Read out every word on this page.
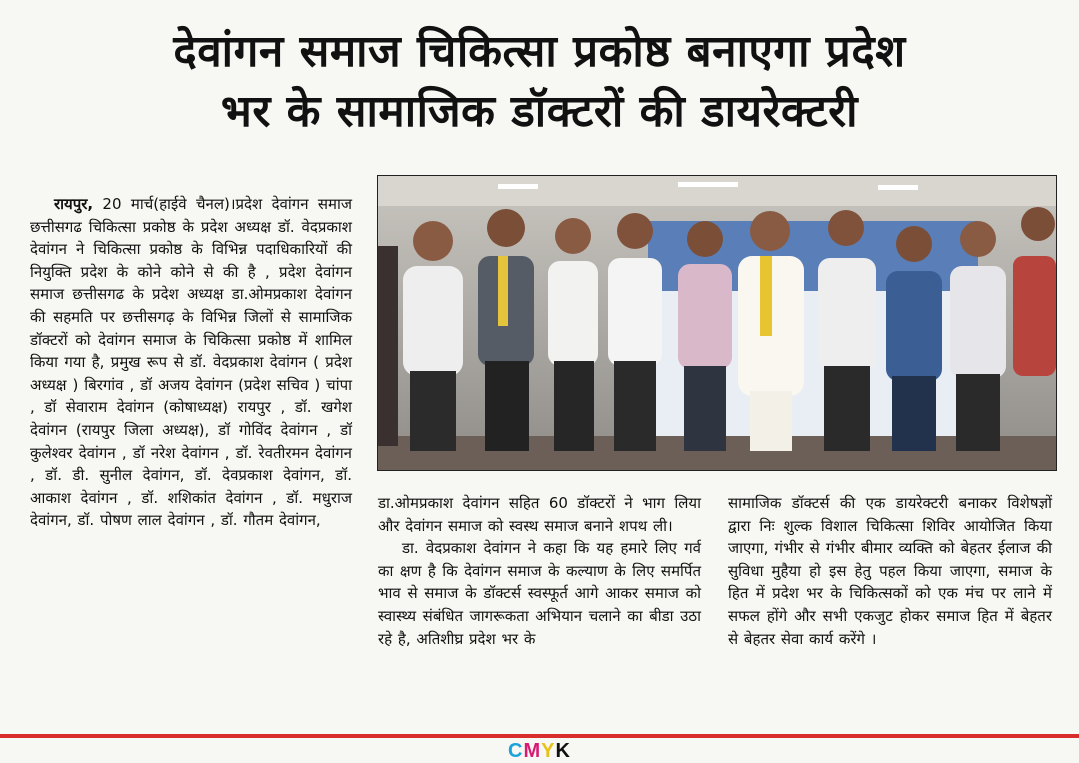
देवांगन समाज चिकित्सा प्रकोष्ठ बनाएगा प्रदेश
भर के सामाजिक डॉक्टरों की डायरेक्टरी

रायपुर, 20 मार्च(हाईवे चैनल)।प्रदेश देवांगन समाज छत्तीसगढ चिकित्सा प्रकोष्ठ के प्रदेश अध्यक्ष डॉ. वेदप्रकाश देवांगन ने चिकित्सा प्रकोष्ठ के विभिन्न पदाधिकारियों की नियुक्ति प्रदेश के कोने कोने से की है , प्रदेश देवांगन समाज छत्तीसगढ के प्रदेश अध्यक्ष डा.ओमप्रकाश देवांगन की सहमति पर छत्तीसगढ़ के विभिन्न जिलों से सामाजिक डॉक्टरों को देवांगन समाज के चिकित्सा प्रकोष्ठ में शामिल किया गया है, प्रमुख रूप से डॉ. वेदप्रकाश देवांगन ( प्रदेश अध्यक्ष ) बिरगांव , डॉ अजय देवांगन (प्रदेश सचिव ) चांपा , डॉ सेवाराम देवांगन (कोषाध्यक्ष) रायपुर , डॉ. खगेश देवांगन (रायपुर जिला अध्यक्ष), डॉ गोविंद देवांगन , डॉ कुलेश्वर देवांगन , डॉ नरेश देवांगन , डॉ. रेवतीरमन देवांगन , डॉ. डी. सुनील देवांगन, डॉ. देवप्रकाश देवांगन, डॉ. आकाश देवांगन , डॉ. शशिकांत देवांगन , डॉ. मधुराज देवांगन, डॉ. पोषण लाल देवांगन , डॉ. गौतम देवांगन,

डा.ओमप्रकाश देवांगन सहित 60 डॉक्टरों ने भाग लिया और देवांगन समाज को स्वस्थ समाज बनाने शपथ ली।

डा. वेदप्रकाश देवांगन ने कहा कि यह हमारे लिए गर्व का क्षण है कि देवांगन समाज के कल्याण के लिए समर्पित भाव से समाज के डॉक्टर्स स्वस्फूर्त आगे आकर समाज को स्वास्थ्य संबंधित जागरूकता अभियान चलाने का बीडा उठा रहे है, अतिशीघ्र प्रदेश भर के

सामाजिक डॉक्टर्स की एक डायरेक्टरी बनाकर विशेषज्ञों द्वारा निः शुल्क विशाल चिकित्सा शिविर आयोजित किया जाएगा, गंभीर से गंभीर बीमार व्यक्ति को बेहतर ईलाज की सुविधा मुहैया हो इस हेतु पहल किया जाएगा, समाज के हित में प्रदेश भर के चिकित्सकों को एक मंच पर लाने में सफल होंगे और सभी एकजुट होकर समाज हित में बेहतर से बेहतर सेवा कार्य करेंगे ।

CMYK
